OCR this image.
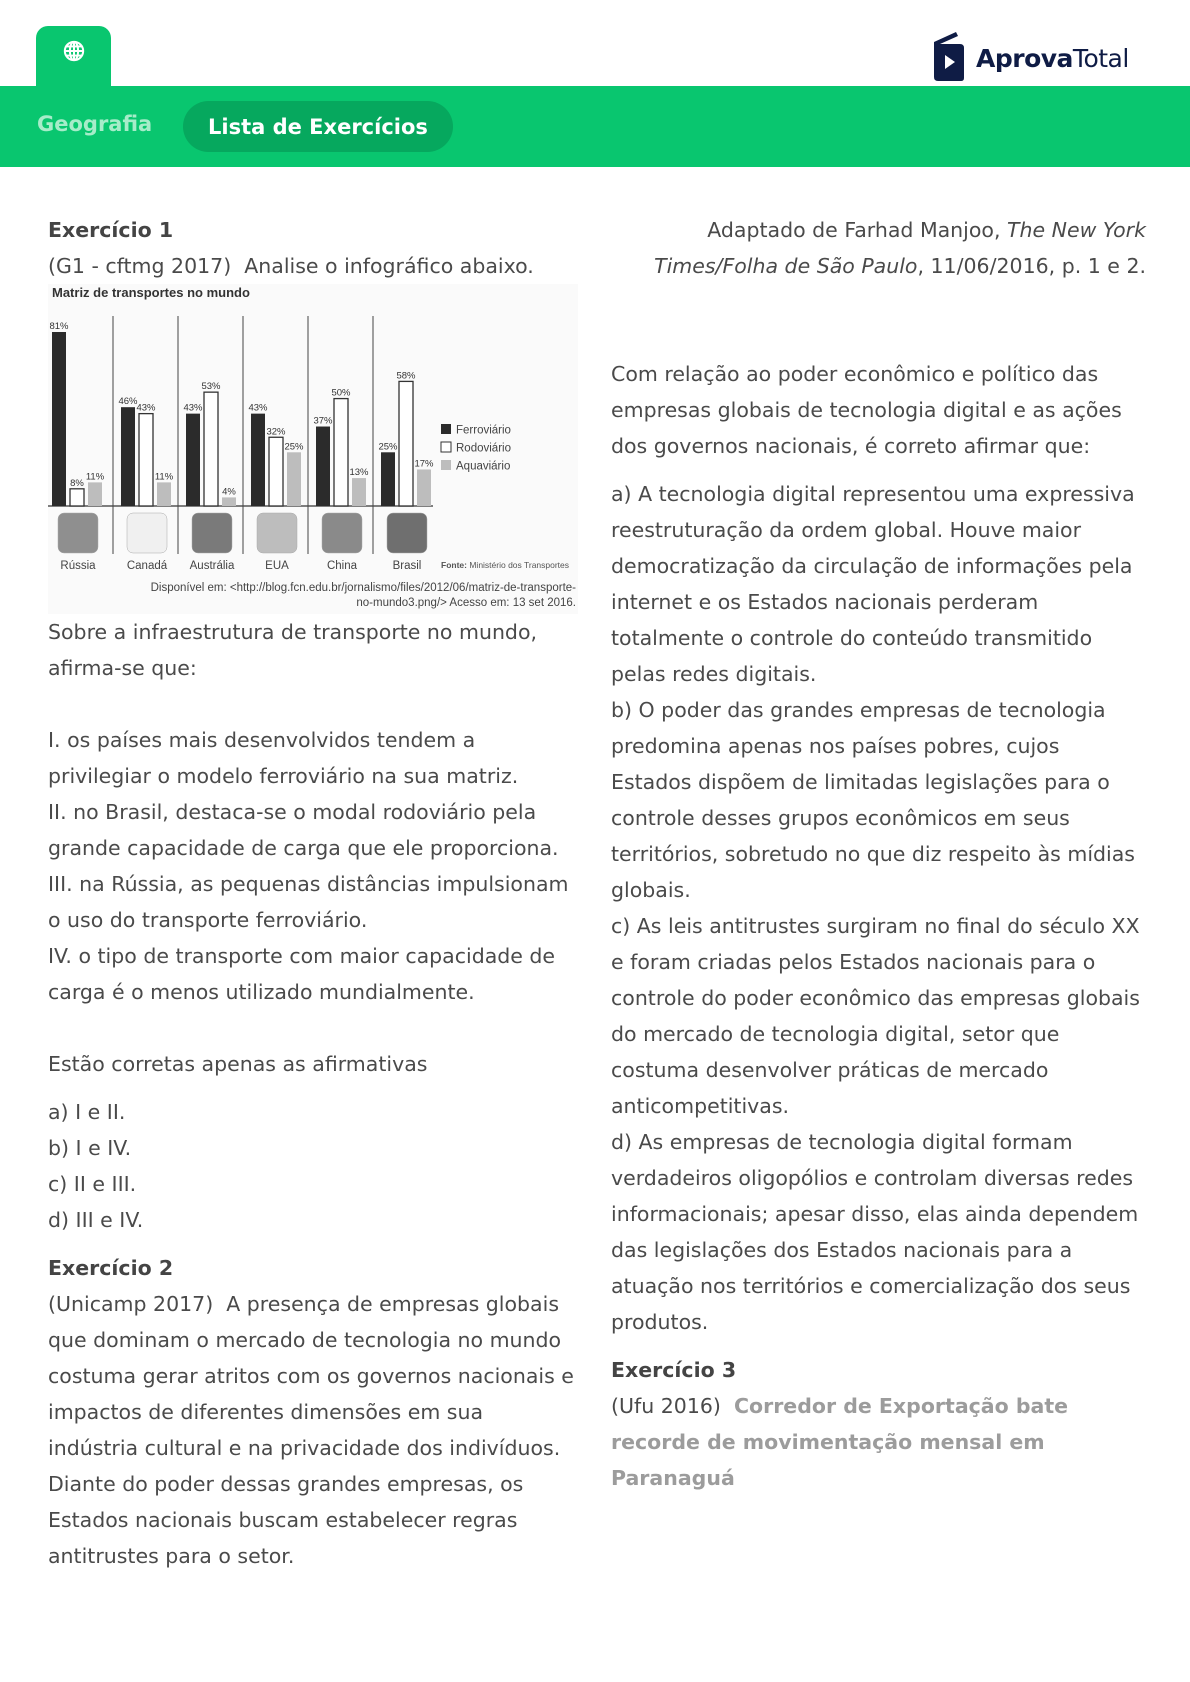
AprovaTotal
Geografia	Lista de Exercícios
Exercício 1
(G1 - cftmg 2017) Analise o infográfico abaixo.
Matriz de transportes no mundo
81%
8%
11%
46%
43%
11%
43%
53%
4%
43%
32%
25%
37%
50%
13%
25%
58%
17%
Rússia	Canadá Austrália	EUA	China	Brasil
Ferroviário
Rodoviário
Aquaviário
Fonte: Ministério dos Transportes
Disponível em: <http://blog.fcn.edu.br/jornalismo/files/2012/06/matriz-de-transporte-
no-mundo3.png/> Acesso em: 13 set 2016.
Sobre a infraestrutura de transporte no mundo, afirma-se que:
I. os países mais desenvolvidos tendem a privilegiar o modelo ferroviário na sua matriz.
II. no Brasil, destaca-se o modal rodoviário pela grande capacidade de carga que ele proporciona.
III. na Rússia, as pequenas distâncias impulsionam o uso do transporte ferroviário.
IV. o tipo de transporte com maior capacidade de carga é o menos utilizado mundialmente.
Estão corretas apenas as afirmativas
a) I e II.
b) I e IV.
c) II e III.
d) III e IV.
Exercício 2
(Unicamp 2017) A presença de empresas globais que dominam o mercado de tecnologia no mundo costuma gerar atritos com os governos nacionais e impactos de diferentes dimensões em sua indústria cultural e na privacidade dos indivíduos. Diante do poder dessas grandes empresas, os Estados nacionais buscam estabelecer regras antitrustes para o setor.
Adaptado de Farhad Manjoo, The New York Times/Folha de São Paulo, 11/06/2016, p. 1 e 2.
Com relação ao poder econômico e político das empresas globais de tecnologia digital e as ações dos governos nacionais, é correto afirmar que:
a) A tecnologia digital representou uma expressiva reestruturação da ordem global. Houve maior democratização da circulação de informações pela internet e os Estados nacionais perderam totalmente o controle do conteúdo transmitido pelas redes digitais.
b) O poder das grandes empresas de tecnologia predomina apenas nos países pobres, cujos Estados dispõem de limitadas legislações para o controle desses grupos econômicos em seus territórios, sobretudo no que diz respeito às mídias globais.
c) As leis antitrustes surgiram no final do século XX e foram criadas pelos Estados nacionais para o controle do poder econômico das empresas globais do mercado de tecnologia digital, setor que costuma desenvolver práticas de mercado anticompetitivas.
d) As empresas de tecnologia digital formam verdadeiros oligopólios e controlam diversas redes informacionais; apesar disso, elas ainda dependem das legislações dos Estados nacionais para a atuação nos territórios e comercialização dos seus produtos.
Exercício 3
(Ufu 2016) Corredor de Exportação bate recorde de movimentação mensal em Paranaguá
